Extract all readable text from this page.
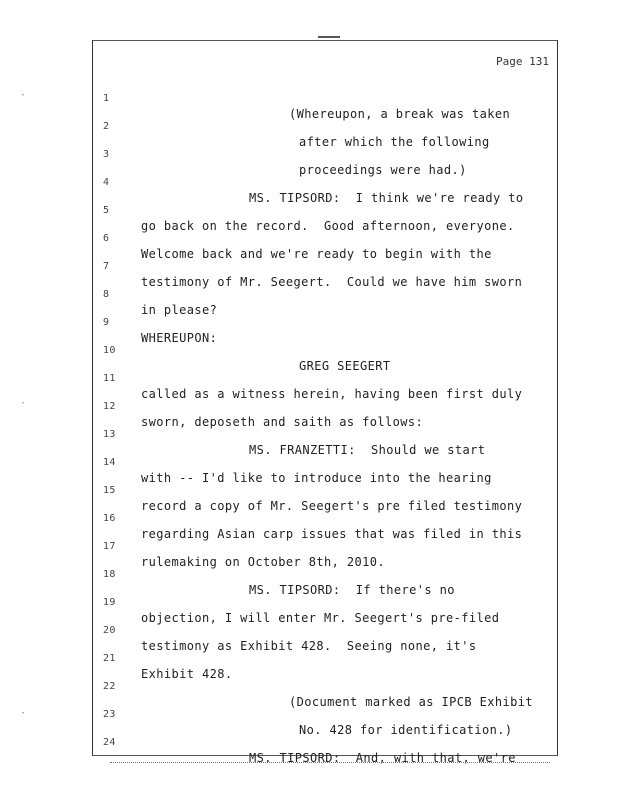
·
·
·
Page 131

1

(Whereupon, a break was taken

2

after which the following

3

proceedings were had.)

4

MS. TIPSORD:  I think we're ready to

5

go back on the record.  Good afternoon, everyone.

6

Welcome back and we're ready to begin with the

7

testimony of Mr. Seegert.  Could we have him sworn

8

in please?

9

WHEREUPON:

10

GREG SEEGERT

11

called as a witness herein, having been first duly

12

sworn, deposeth and saith as follows:

13

MS. FRANZETTI:  Should we start

14

with -- I'd like to introduce into the hearing

15

record a copy of Mr. Seegert's pre filed testimony

16

regarding Asian carp issues that was filed in this

17

rulemaking on October 8th, 2010.

18

MS. TIPSORD:  If there's no

19

objection, I will enter Mr. Seegert's pre-filed

20

testimony as Exhibit 428.  Seeing none, it's

21

Exhibit 428.

22

(Document marked as IPCB Exhibit

23

No. 428 for identification.)

24

MS. TIPSORD:  And, with that, we're
